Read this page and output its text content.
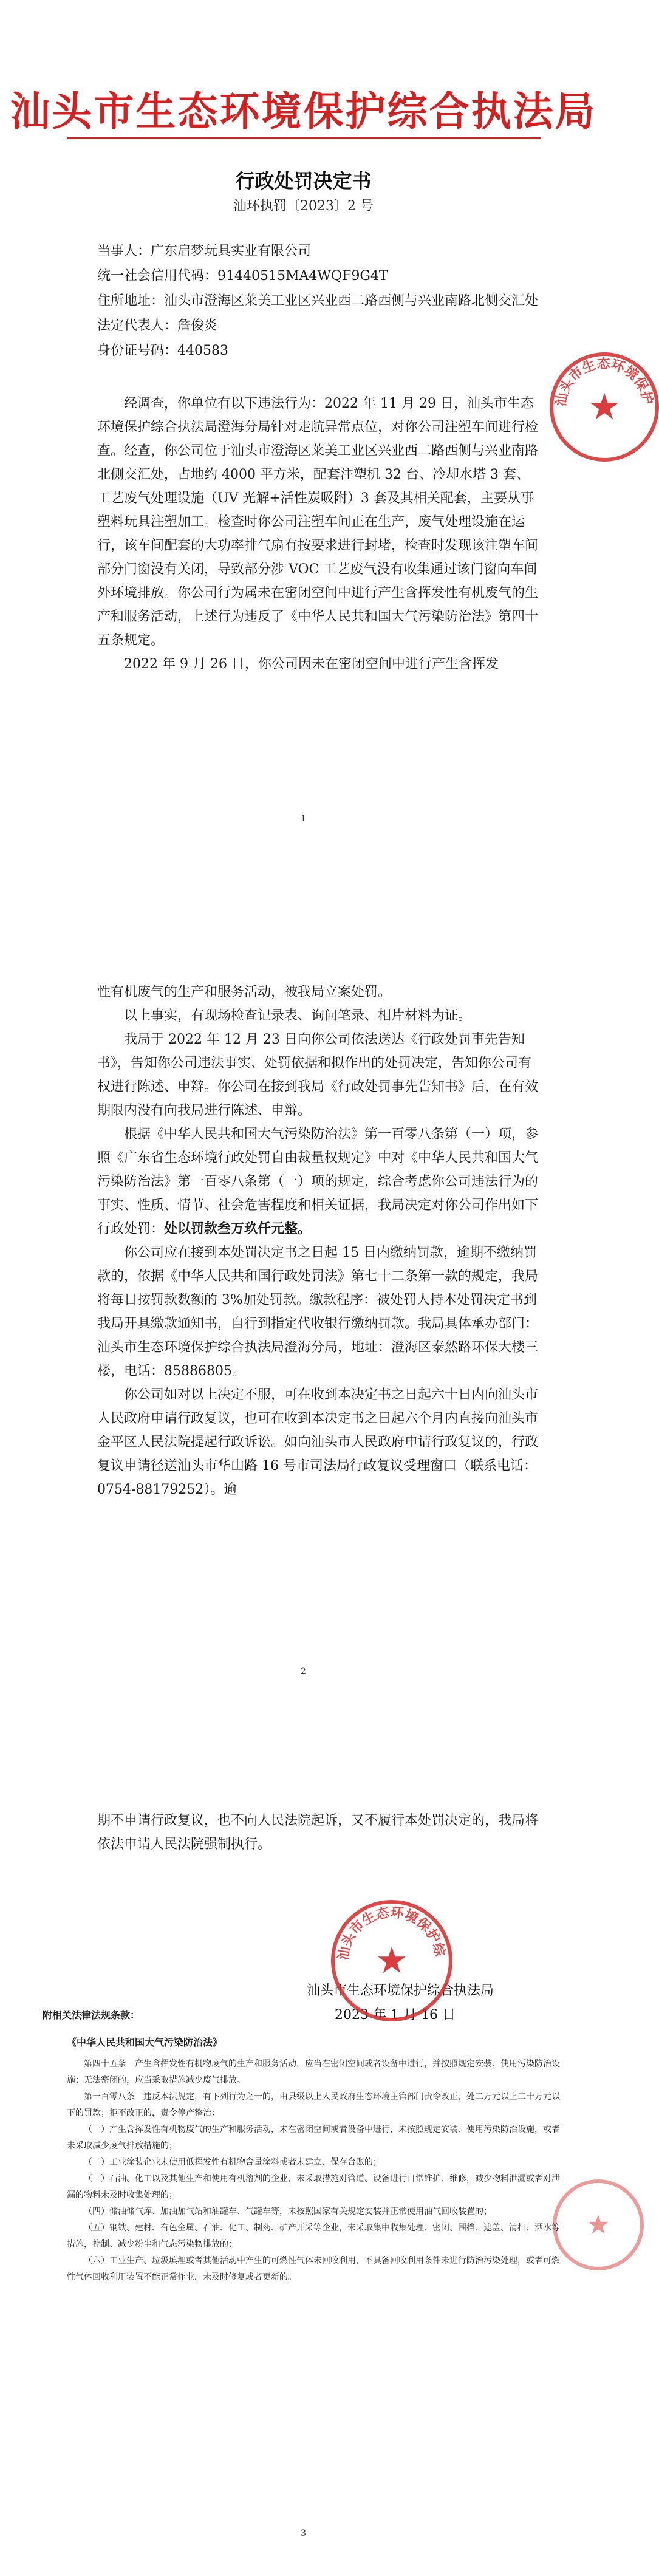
汕头市生态环境保护综合执法局
行政处罚决定书
汕环执罚〔2023〕2 号

当事人：广东启梦玩具实业有限公司

统一社会信用代码：91440515MA4WQF9G4T

住所地址：汕头市澄海区莱美工业区兴业西二路西侧与兴业南路北侧交汇处

法定代表人：詹俊炎

身份证号码：440583

经调查，你单位有以下违法行为：2022 年 11 月 29 日，汕头市生态环境保护综合执法局澄海分局针对走航异常点位，对你公司注塑车间进行检查。经查，你公司位于汕头市澄海区莱美工业区兴业西二路西侧与兴业南路北侧交汇处，占地约 4000 平方米，配套注塑机 32 台、冷却水塔 3 套、工艺废气处理设施（UV 光解+活性炭吸附）3 套及其相关配套，主要从事塑料玩具注塑加工。检查时你公司注塑车间正在生产，废气处理设施在运行，该车间配套的大功率排气扇有按要求进行封堵，检查时发现该注塑车间部分门窗没有关闭，导致部分涉 VOC 工艺废气没有收集通过该门窗向车间外环境排放。你公司行为属未在密闭空间中进行产生含挥发性有机废气的生产和服务活动，上述行为违反了《中华人民共和国大气污染防治法》第四十五条规定。

2022 年 9 月 26 日，你公司因未在密闭空间中进行产生含挥发

汕头市生态环境保护
★
1

性有机废气的生产和服务活动，被我局立案处罚。

以上事实，有现场检查记录表、询问笔录、相片材料为证。

我局于 2022 年 12 月 23 日向你公司依法送达《行政处罚事先告知书》，告知你公司违法事实、处罚依据和拟作出的处罚决定，告知你公司有权进行陈述、申辩。你公司在接到我局《行政处罚事先告知书》后，在有效期限内没有向我局进行陈述、申辩。

根据《中华人民共和国大气污染防治法》第一百零八条第（一）项，参照《广东省生态环境行政处罚自由裁量权规定》中对《中华人民共和国大气污染防治法》第一百零八条第（一）项的规定，综合考虑你公司违法行为的事实、性质、情节、社会危害程度和相关证据，我局决定对你公司作出如下行政处罚：处以罚款叁万玖仟元整。

你公司应在接到本处罚决定书之日起 15 日内缴纳罚款，逾期不缴纳罚款的，依据《中华人民共和国行政处罚法》第七十二条第一款的规定，我局将每日按罚款数额的 3%加处罚款。缴款程序：被处罚人持本处罚决定书到我局开具缴款通知书，自行到指定代收银行缴纳罚款。我局具体承办部门：汕头市生态环境保护综合执法局澄海分局，地址：澄海区泰然路环保大楼三楼，电话：85886805。

你公司如对以上决定不服，可在收到本决定书之日起六十日内向汕头市人民政府申请行政复议，也可在收到本决定书之日起六个月内直接向汕头市金平区人民法院提起行政诉讼。如向汕头市人民政府申请行政复议的，行政复议申请径送汕头市华山路 16 号市司法局行政复议受理窗口（联系电话：0754-88179252）。逾

2

期不申请行政复议，也不向人民法院起诉，又不履行本处罚决定的，我局将依法申请人民法院强制执行。

汕头市生态环境保护综合执法局

2023 年 1 月 16 日

汕头市生态环境保护综
★
★
3
附相关法律法规条款：
《中华人民共和国大气污染防治法》

第四十五条　产生含挥发性有机物废气的生产和服务活动，应当在密闭空间或者设备中进行，并按照规定安装、使用污染防治设施；无法密闭的，应当采取措施减少废气排放。

第一百零八条　违反本法规定，有下列行为之一的，由县级以上人民政府生态环境主管部门责令改正，处二万元以上二十万元以下的罚款；拒不改正的，责令停产整治：

（一）产生含挥发性有机物废气的生产和服务活动，未在密闭空间或者设备中进行，未按照规定安装、使用污染防治设施，或者未采取减少废气排放措施的；

（二）工业涂装企业未使用低挥发性有机物含量涂料或者未建立、保存台账的；

（三）石油、化工以及其他生产和使用有机溶剂的企业，未采取措施对管道、设备进行日常维护、维修，减少物料泄漏或者对泄漏的物料未及时收集处理的；

（四）储油储气库、加油加气站和油罐车、气罐车等，未按照国家有关规定安装并正常使用油气回收装置的；

（五）钢铁、建材、有色金属、石油、化工、制药、矿产开采等企业，未采取集中收集处理、密闭、围挡、遮盖、清扫、洒水等措施，控制、减少粉尘和气态污染物排放的；

（六）工业生产、垃圾填埋或者其他活动中产生的可燃性气体未回收利用，不具备回收利用条件未进行防治污染处理，或者可燃性气体回收利用装置不能正常作业，未及时修复或者更新的。
